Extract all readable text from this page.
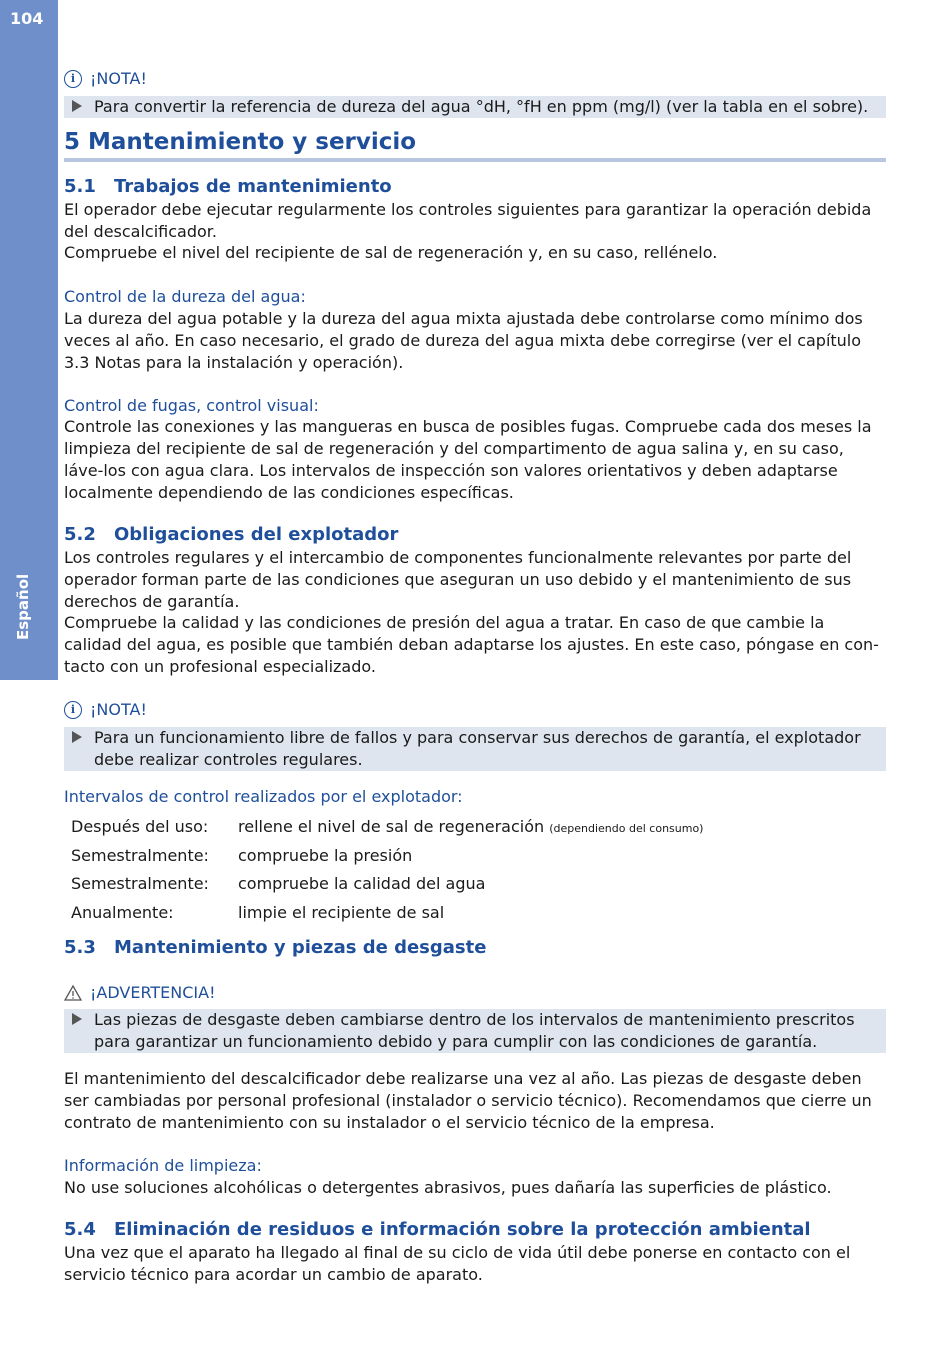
104
Español
i ¡NOTA!
Para convertir la referencia de dureza del agua °dH, °fH en ppm (mg/l) (ver la tabla en el sobre).
5 Mantenimiento y servicio
5.1 Trabajos de mantenimiento

El operador debe ejecutar regularmente los controles siguientes para garantizar la operación debida del descalcificador.

Compruebe el nivel del recipiente de sal de regeneración y, en su caso, rellénelo.

Control de la dureza del agua:

La dureza del agua potable y la dureza del agua mixta ajustada debe controlarse como mínimo dos veces al año. En caso necesario, el grado de dureza del agua mixta debe corregirse (ver el capítulo 3.3 Notas para la instalación y operación).

Control de fugas, control visual:

Controle las conexiones y las mangueras en busca de posibles fugas. Compruebe cada dos meses la limpieza del recipiente de sal de regeneración y del compartimento de agua salina y, en su caso, láve-los con agua clara. Los intervalos de inspección son valores orientativos y deben adaptarse localmente dependiendo de las condiciones específicas.

5.2 Obligaciones del explotador

Los controles regulares y el intercambio de componentes funcionalmente relevantes por parte del operador forman parte de las condiciones que aseguran un uso debido y el mantenimiento de sus derechos de garantía.

Compruebe la calidad y las condiciones de presión del agua a tratar. En caso de que cambie la calidad del agua, es posible que también deban adaptarse los ajustes. En este caso, póngase en con-tacto con un profesional especializado.

i ¡NOTA!
Para un funcionamiento libre de fallos y para conservar sus derechos de garantía, el explotador debe realizar controles regulares.
Intervalos de control realizados por el explotador:
Después del uso: rellene el nivel de sal de regeneración (dependiendo del consumo)
Semestralmente: compruebe la presión
Semestralmente: compruebe la calidad del agua
Anualmente:	limpie el recipiente de sal
5.3 Mantenimiento y piezas de desgaste
¡ADVERTENCIA!
Las piezas de desgaste deben cambiarse dentro de los intervalos de mantenimiento prescritos para garantizar un funcionamiento debido y para cumplir con las condiciones de garantía.

El mantenimiento del descalcificador debe realizarse una vez al año. Las piezas de desgaste deben ser cambiadas por personal profesional (instalador o servicio técnico). Recomendamos que cierre un contrato de mantenimiento con su instalador o el servicio técnico de la empresa.

Información de limpieza:

No use soluciones alcohólicas o detergentes abrasivos, pues dañaría las superficies de plástico.

5.4 Eliminación de residuos e información sobre la protección ambiental

Una vez que el aparato ha llegado al final de su ciclo de vida útil debe ponerse en contacto con el servicio técnico para acordar un cambio de aparato.
